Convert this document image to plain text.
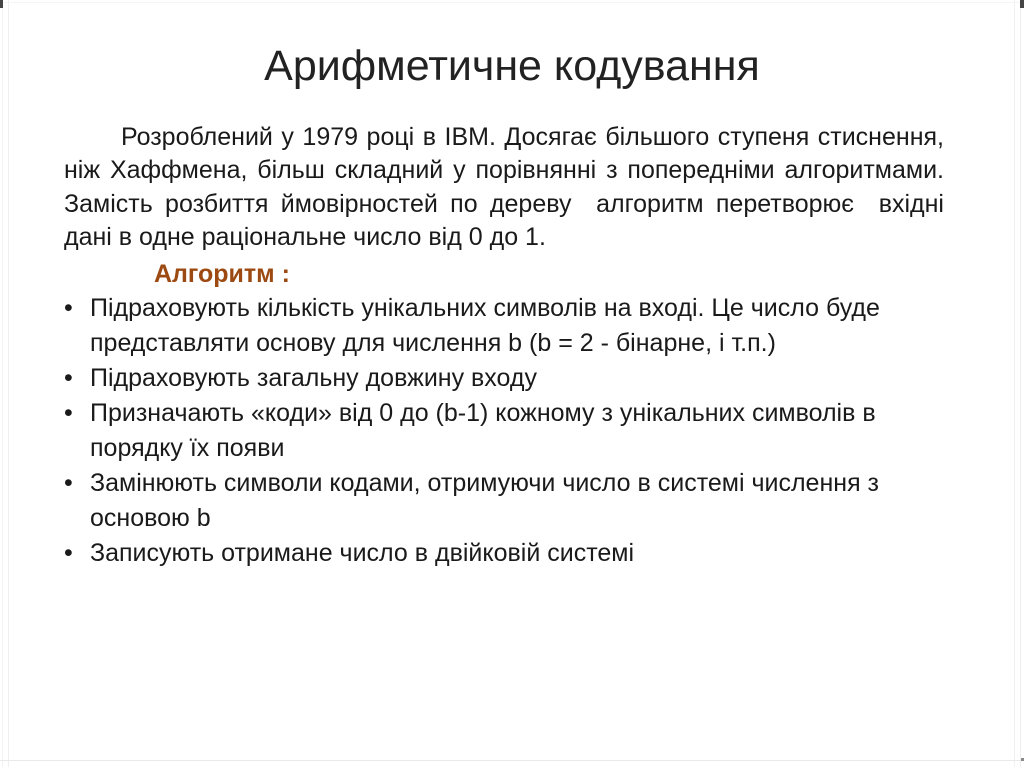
Арифметичне кодування

Розроблений у 1979 році в IBM. Досягає більшого ступеня стиснення, ніж Хаффмена, більш складний у порівнянні з попередніми алгоритмами. Замість розбиття ймовірностей по дереву  алгоритм перетворює  вхідні дані в одне раціональне число від 0 до 1.

Алгоритм :

• Підраховують кількість унікальних символів на вході. Це число буде представляти основу для числення b (b = 2 - бінарне, і т.п.)
• Підраховують загальну довжину входу
• Призначають «коди» від 0 до (b-1) кожному з унікальних символів в порядку їх появи
• Замінюють символи кодами, отримуючи число в системі числення з основою b
• Записують отримане число в двійковій системі
